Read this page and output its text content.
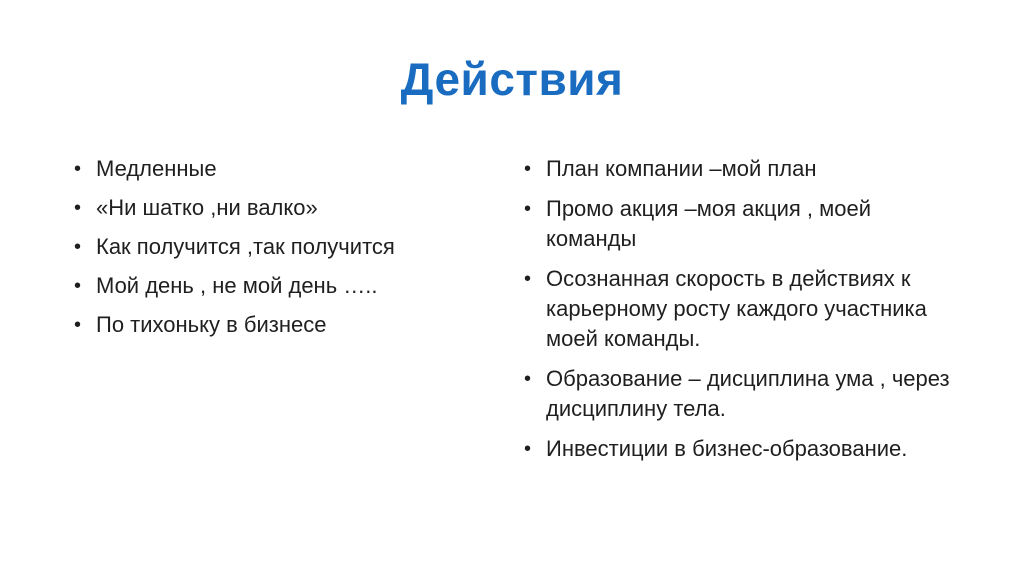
Действия
• Медленные
• «Ни шатко ,ни валко»
• Как получится ,так получится
• Мой день , не мой день …..
• По тихоньку в бизнесе
• План компании –мой план
• Промо акция –моя акция , моей команды
• Осознанная скорость в действиях к карьерному росту каждого участника моей команды.
• Образование – дисциплина ума , через дисциплину тела.
• Инвестиции в бизнес-образование.
